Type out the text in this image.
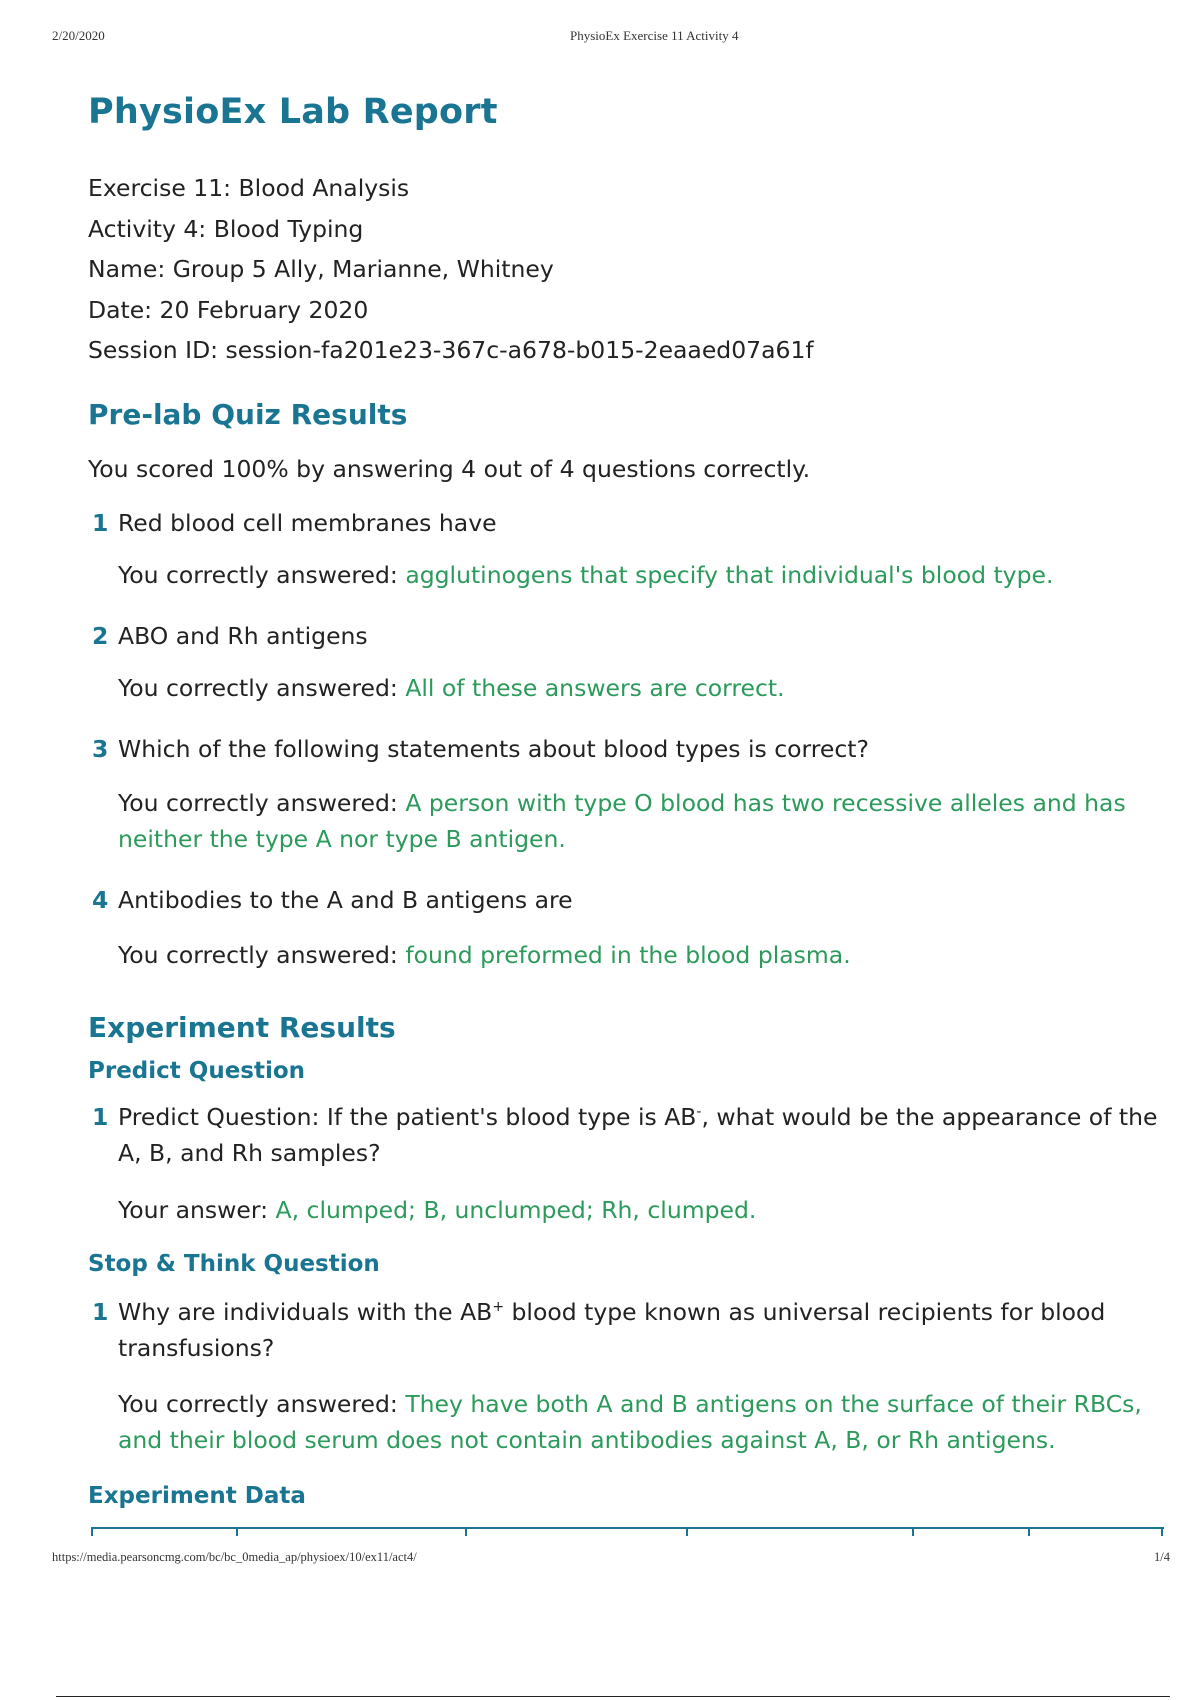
2/20/2020	PhysioEx Exercise 11 Activity 4
PhysioEx Lab Report
Exercise 11: Blood Analysis
Activity 4: Blood Typing
Name: Group 5 Ally, Marianne, Whitney
Date: 20 February 2020
Session ID: session-fa201e23-367c-a678-b015-2eaaed07a61f
Pre-lab Quiz Results
You scored 100% by answering 4 out of 4 questions correctly.
1 Red blood cell membranes have
You correctly answered: agglutinogens that specify that individual's blood type.
2 ABO and Rh antigens
You correctly answered: All of these answers are correct.
3 Which of the following statements about blood types is correct?
You correctly answered: A person with type O blood has two recessive alleles and has neither the type A nor type B antigen.
4 Antibodies to the A and B antigens are
You correctly answered: found preformed in the blood plasma.
Experiment Results
Predict Question
1 Predict Question: If the patient's blood type is AB-, what would be the appearance of the A, B, and Rh samples?
Your answer: A, clumped; B, unclumped; Rh, clumped.
Stop & Think Question
1 Why are individuals with the AB+ blood type known as universal recipients for blood transfusions?
You correctly answered: They have both A and B antigens on the surface of their RBCs, and their blood serum does not contain antibodies against A, B, or Rh antigens.
Experiment Data
https://media.pearsoncmg.com/bc/bc_0media_ap/physioex/10/ex11/act4/	1/4
